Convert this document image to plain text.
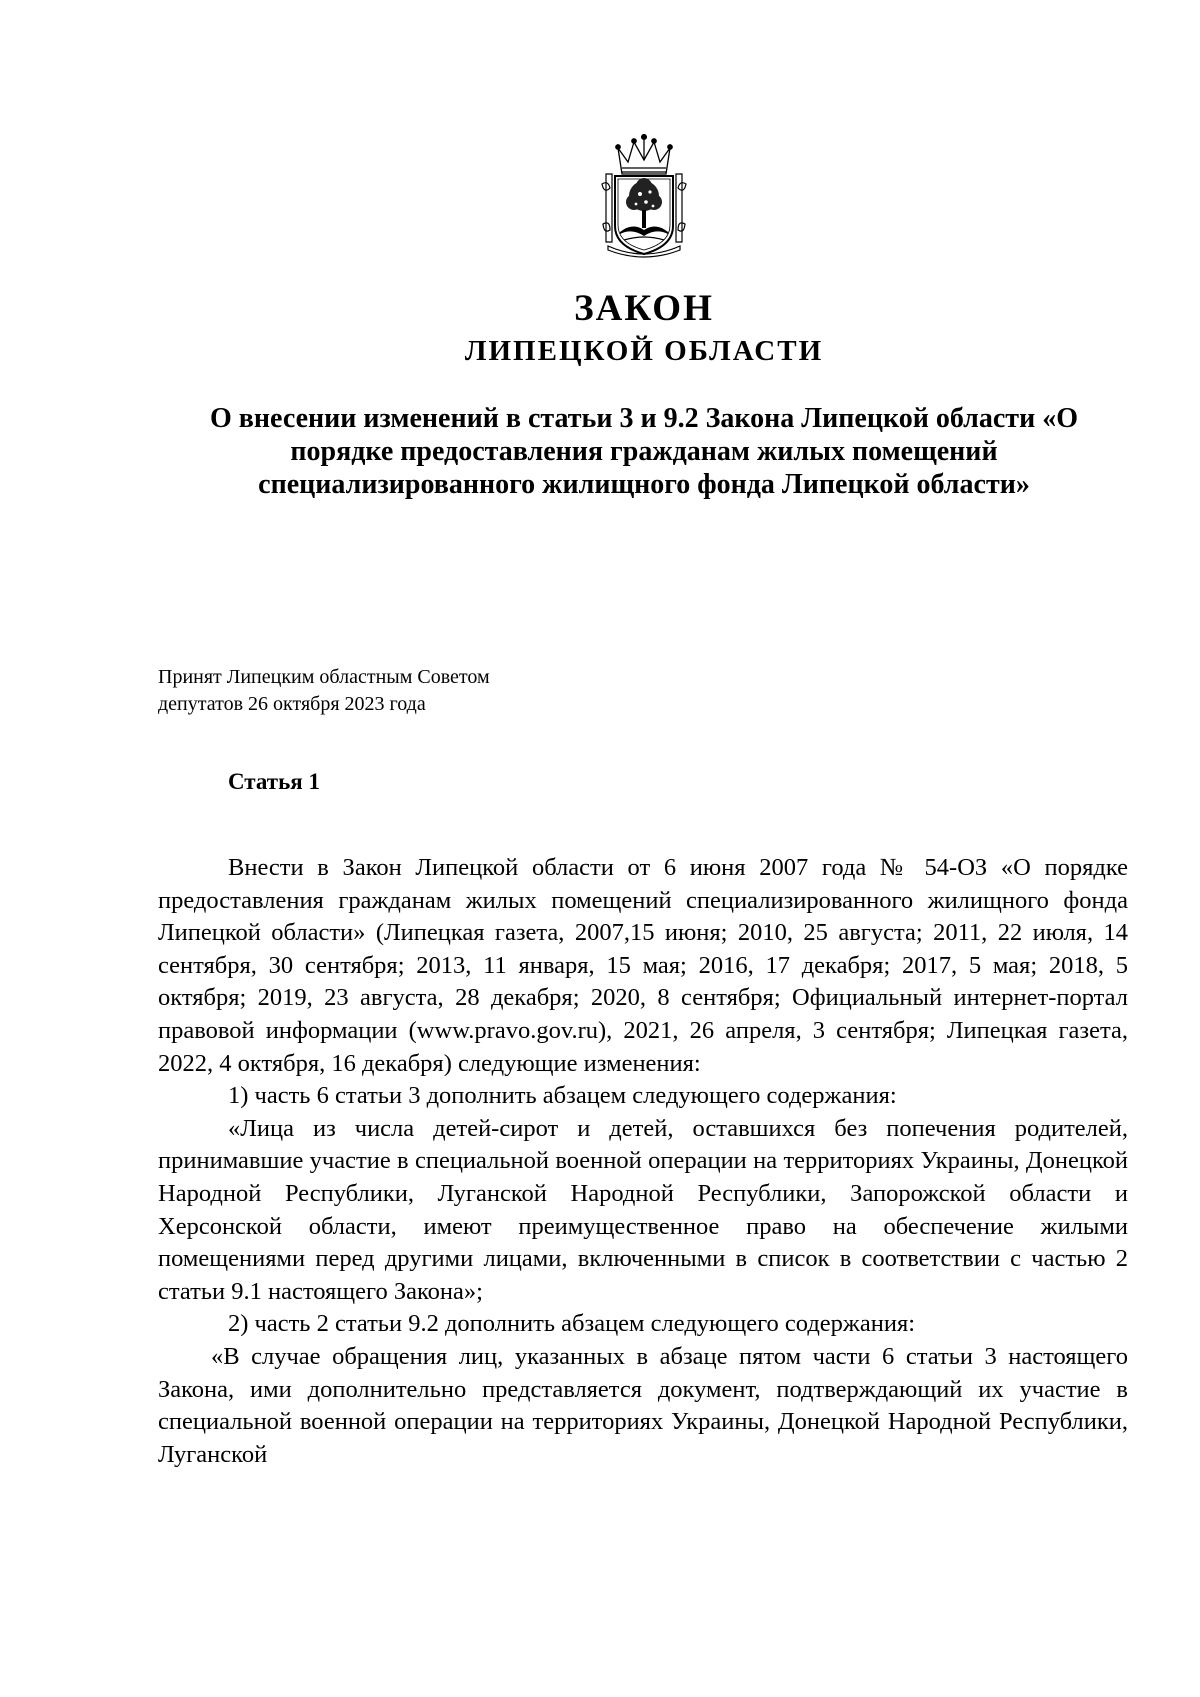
ЗАКОН
ЛИПЕЦКОЙ ОБЛАСТИ
О внесении изменений в статьи 3 и 9.2 Закона Липецкой области «О порядке предоставления гражданам жилых помещений специализированного жилищного фонда Липецкой области»
Принят Липецким областным Советом
депутатов 26 октября 2023 года
Статья 1

Внести в Закон Липецкой области от 6 июня 2007 года № 54-ОЗ «О порядке предоставления гражданам жилых помещений специализированного жилищного фонда Липецкой области» (Липецкая газета, 2007,15 июня; 2010, 25 августа; 2011, 22 июля, 14 сентября, 30 сентября; 2013, 11 января, 15 мая; 2016, 17 декабря; 2017, 5 мая; 2018, 5 октября; 2019, 23 августа, 28 декабря; 2020, 8 сентября; Официальный интернет-портал правовой информации (www.pravo.gov.ru), 2021, 26 апреля, 3 сентября; Липецкая газета, 2022, 4 октября, 16 декабря) следующие изменения:

1) часть 6 статьи 3 дополнить абзацем следующего содержания:

«Лица из числа детей-сирот и детей, оставшихся без попечения родителей, принимавшие участие в специальной военной операции на территориях Украины, Донецкой Народной Республики, Луганской Народной Республики, Запорожской области и Херсонской области, имеют преимущественное право на обеспечение жилыми помещениями перед другими лицами, включенными в список в соответствии с частью 2 статьи 9.1 настоящего Закона»;

2) часть 2 статьи 9.2 дополнить абзацем следующего содержания:

«В случае обращения лиц, указанных в абзаце пятом части 6 статьи 3 настоящего Закона, ими дополнительно представляется документ, подтверждающий их участие в специальной военной операции на территориях Украины, Донецкой Народной Республики, Луганской
